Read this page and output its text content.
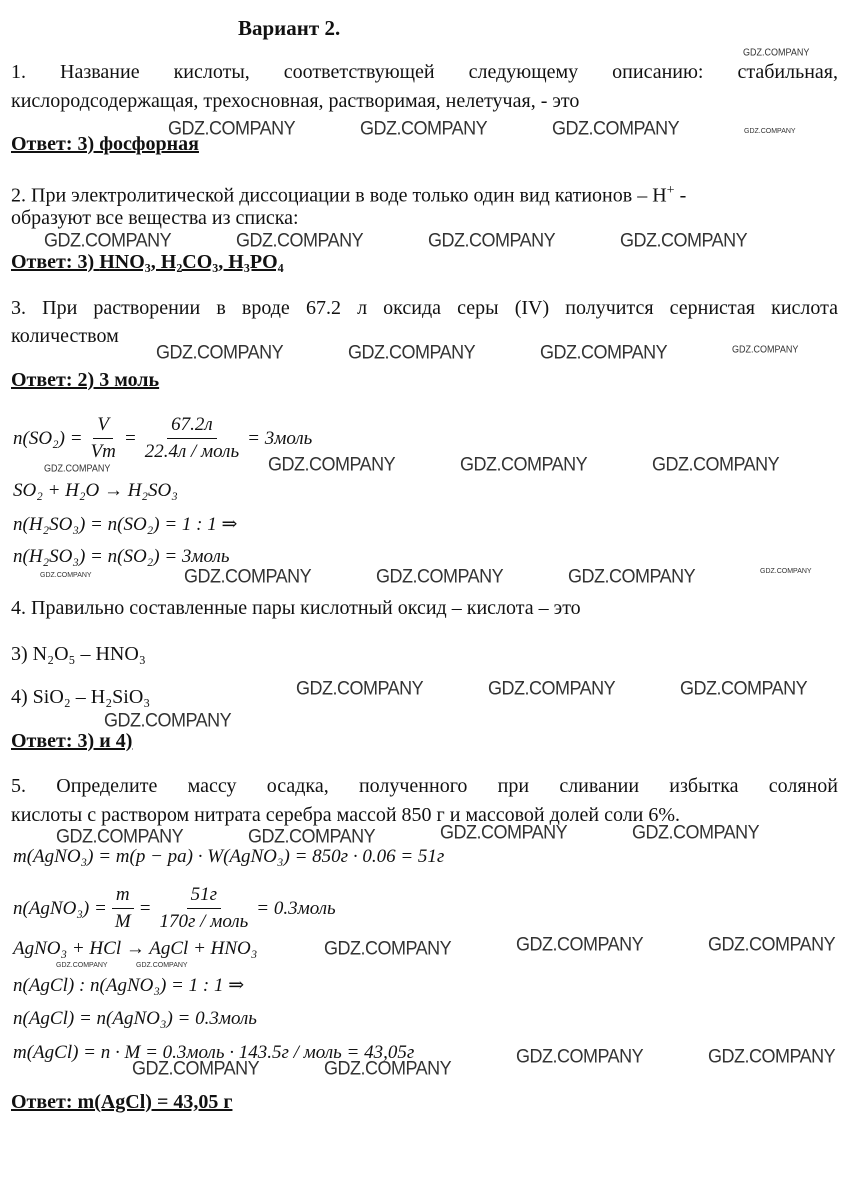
Вариант 2.
1. Название кислоты, соответствующей следующему описанию: стабильная,
кислородсодержащая, трехосновная, растворимая, нелетучая, - это
Ответ: 3) фосфорная
2. При электролитической диссоциации в воде только один вид катионов – H+ -
образуют все вещества из списка:
Ответ: 3) HNO₃, H₂CO₃, H₃PO₄
3. При растворении в вроде 67.2 л оксида серы (IV) получится сернистая кислота
количеством
Ответ: 2) 3 моль
$n(SO_2) = \frac{V}{Vm} = \frac{67.2л}{\text{22.4л / моль}}$ = 3моль
SO₂ + H₂O → H₂SO₃
n(H₂SO₃) = n(SO₂) = 1 : 1 ⇒
n(H₂SO₃) = n(SO₂) = 3моль
4. Правильно составленные пары кислотный оксид – кислота – это
3) N₂O₅ – HNO₃
4) SiO₂ – H₂SiO₃
Ответ: 3) и 4)
5. Определите массу осадка, полученного при сливании избытка соляной
кислоты с раствором нитрата серебра массой 850 г и массовой долей соли 6%.
m(AgNO₃) = m(p − pa) · W(AgNO₃) = 850г · 0.06 = 51г
n(AgNO₃) = $\frac{m}{M} = \frac{51г}{\text{170г / моль}}$ = 0.3моль
AgNO₃ + HCl → AgCl + HNO₃
n(AgCl) : n(AgNO₃) = 1 : 1 ⇒
n(AgCl) = n(AgNO₃) = 0.3моль
m(AgCl) = n · M = 0.3моль · 143.5г / моль = 43,05г
Ответ: m(AgCl) = 43,05 г
GDZ.COMPANY
GDZ.COMPANY	GDZ.COMPANY	GDZ.COMPANY	GDZ.COMPANY
GDZ.COMPANY	GDZ.COMPANY	GDZ.COMPANY	GDZ.COMPANY
GDZ.COMPANY	GDZ.COMPANY	GDZ.COMPANY	GDZ.COMPANY
GDZ.COMPANY	GDZ.COMPANY	GDZ.COMPANY	GDZ.COMPANY
GDZ.COMPANY	GDZ.COMPANY	GDZ.COMPANY	GDZ.COMPANY	GDZ.COMPANY
GDZ.COMPANY	GDZ.COMPANY	GDZ.COMPANY
GDZ.COMPANY
GDZ.COMPANY	GDZ.COMPANY	GDZ.COMPANY	GDZ.COMPANY
GDZ.COMPANY	GDZ.COMPANY
GDZ.COMPANY	GDZ.COMPANY	GDZ.COMPANY
GDZ.COMPANY	GDZ.COMPANY
GDZ.COMPANY	GDZ.COMPANY
